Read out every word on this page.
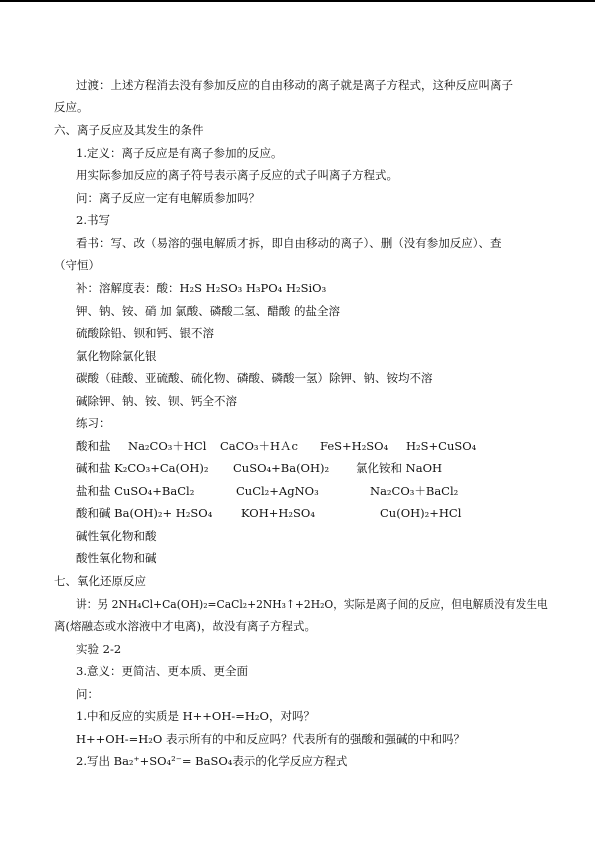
过渡：上述方程消去没有参加反应的自由移动的离子就是离子方程式，这种反应叫离子
反应。
六、离子反应及其发生的条件
1.定义：离子反应是有离子参加的反应。
用实际参加反应的离子符号表示离子反应的式子叫离子方程式。
问：离子反应一定有电解质参加吗？
2.书写
看书：写、改（易溶的强电解质才拆，即自由移动的离子）、删（没有参加反应）、查
（守恒）
补：溶解度表：酸：H₂S H₂SO₃ H₃PO₄ H₂SiO₃
钾、钠、铵、硝 加 氯酸、磷酸二氢、醋酸 的盐全溶
硫酸除铅、钡和钙、银不溶
氯化物除氯化银
碳酸（硅酸、亚硫酸、硫化物、磷酸、磷酸一氢）除钾、钠、铵均不溶
碱除钾、钠、铵、钡、钙全不溶
练习：
酸和盐 Na₂CO₃＋HCl CaCO₃＋HＡc FeS+H₂SO₄ H₂S+CuSO₄
碱和盐 K₂CO₃+Ca(OH)₂ CuSO₄+Ba(OH)₂ 氯化铵和 NaOH
盐和盐 CuSO₄+BaCl₂	CuCl₂+AgNO₃	Na₂CO₃＋BaCl₂
酸和碱 Ba(OH)₂+ H₂SO₄ KOH+H₂SO₄	Cu(OH)₂+HCl
碱性氧化物和酸
酸性氧化物和碱
七、氧化还原反应
讲：另 2NH₄Cl+Ca(OH)₂=CaCl₂+2NH₃↑+2H₂O，实际是离子间的反应，但电解质没有发生电
离(熔融态或水溶液中才电离)，故没有离子方程式。
实验 2-2
3.意义：更简洁、更本质、更全面
问：
1.中和反应的实质是 H++OH-=H₂O，对吗？
H++OH-=H₂O 表示所有的中和反应吗？代表所有的强酸和强碱的中和吗？
2.写出 Ba₂⁺+SO₄²⁻= BaSO₄表示的化学反应方程式
